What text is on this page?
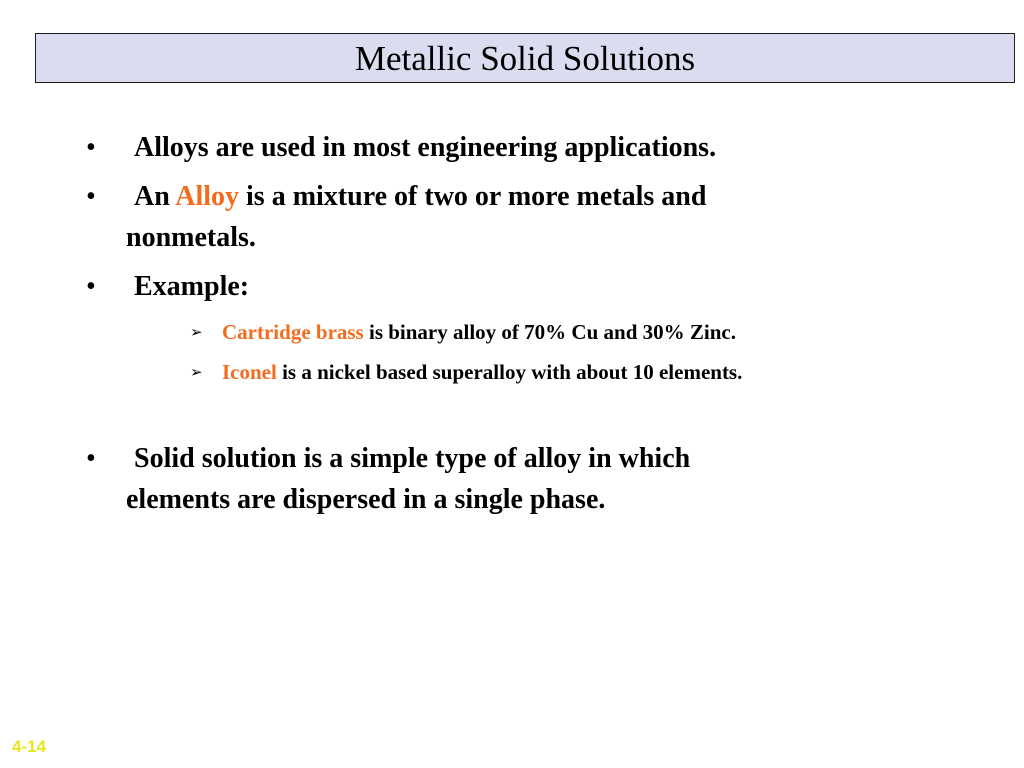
Metallic Solid Solutions
•	Alloys are used in most engineering applications.
•	An Alloy is a mixture of two or more metals and
nonmetals.
•	Example:
➢ Cartridge brass is binary alloy of 70% Cu and 30% Zinc.
➢ Iconel is a nickel based superalloy with about 10 elements.
•	Solid solution is a simple type of alloy in which
elements are dispersed in a single phase.
4-14
